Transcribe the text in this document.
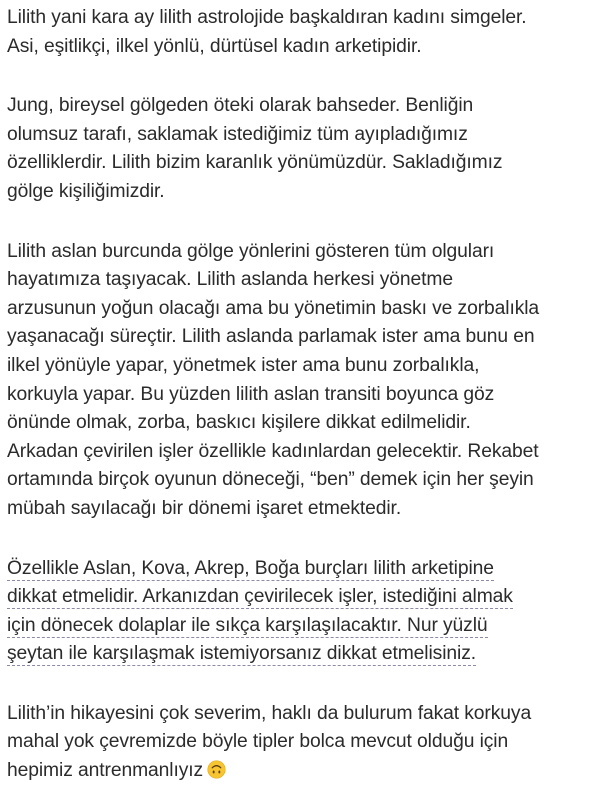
Lilith yani kara ay lilith astrolojide başkaldıran kadını simgeler.
Asi, eşitlikçi, ilkel yönlü, dürtüsel kadın arketipidir.
Jung, bireysel gölgeden öteki olarak bahseder. Benliğin
olumsuz tarafı, saklamak istediğimiz tüm ayıpladığımız
özelliklerdir. Lilith bizim karanlık yönümüzdür. Sakladığımız
gölge kişiliğimizdir.
Lilith aslan burcunda gölge yönlerini gösteren tüm olguları
hayatımıza taşıyacak. Lilith aslanda herkesi yönetme
arzusunun yoğun olacağı ama bu yönetimin baskı ve zorbalıkla
yaşanacağı süreçtir. Lilith aslanda parlamak ister ama bunu en
ilkel yönüyle yapar, yönetmek ister ama bunu zorbalıkla,
korkuyla yapar. Bu yüzden lilith aslan transiti boyunca göz
önünde olmak, zorba, baskıcı kişilere dikkat edilmelidir.
Arkadan çevirilen işler özellikle kadınlardan gelecektir. Rekabet
ortamında birçok oyunun döneceği, “ben” demek için her şeyin
mübah sayılacağı bir dönemi işaret etmektedir.
Özellikle Aslan, Kova, Akrep, Boğa burçları lilith arketipine
dikkat etmelidir. Arkanızdan çevirilecek işler, istediğini almak
için dönecek dolaplar ile sıkça karşılaşılacaktır. Nur yüzlü
şeytan ile karşılaşmak istemiyorsanız dikkat etmelisiniz.
Lilith’in hikayesini çok severim, haklı da bulurum fakat korkuya
mahal yok çevremizde böyle tipler bolca mevcut olduğu için
hepimiz antrenmanlıyız
